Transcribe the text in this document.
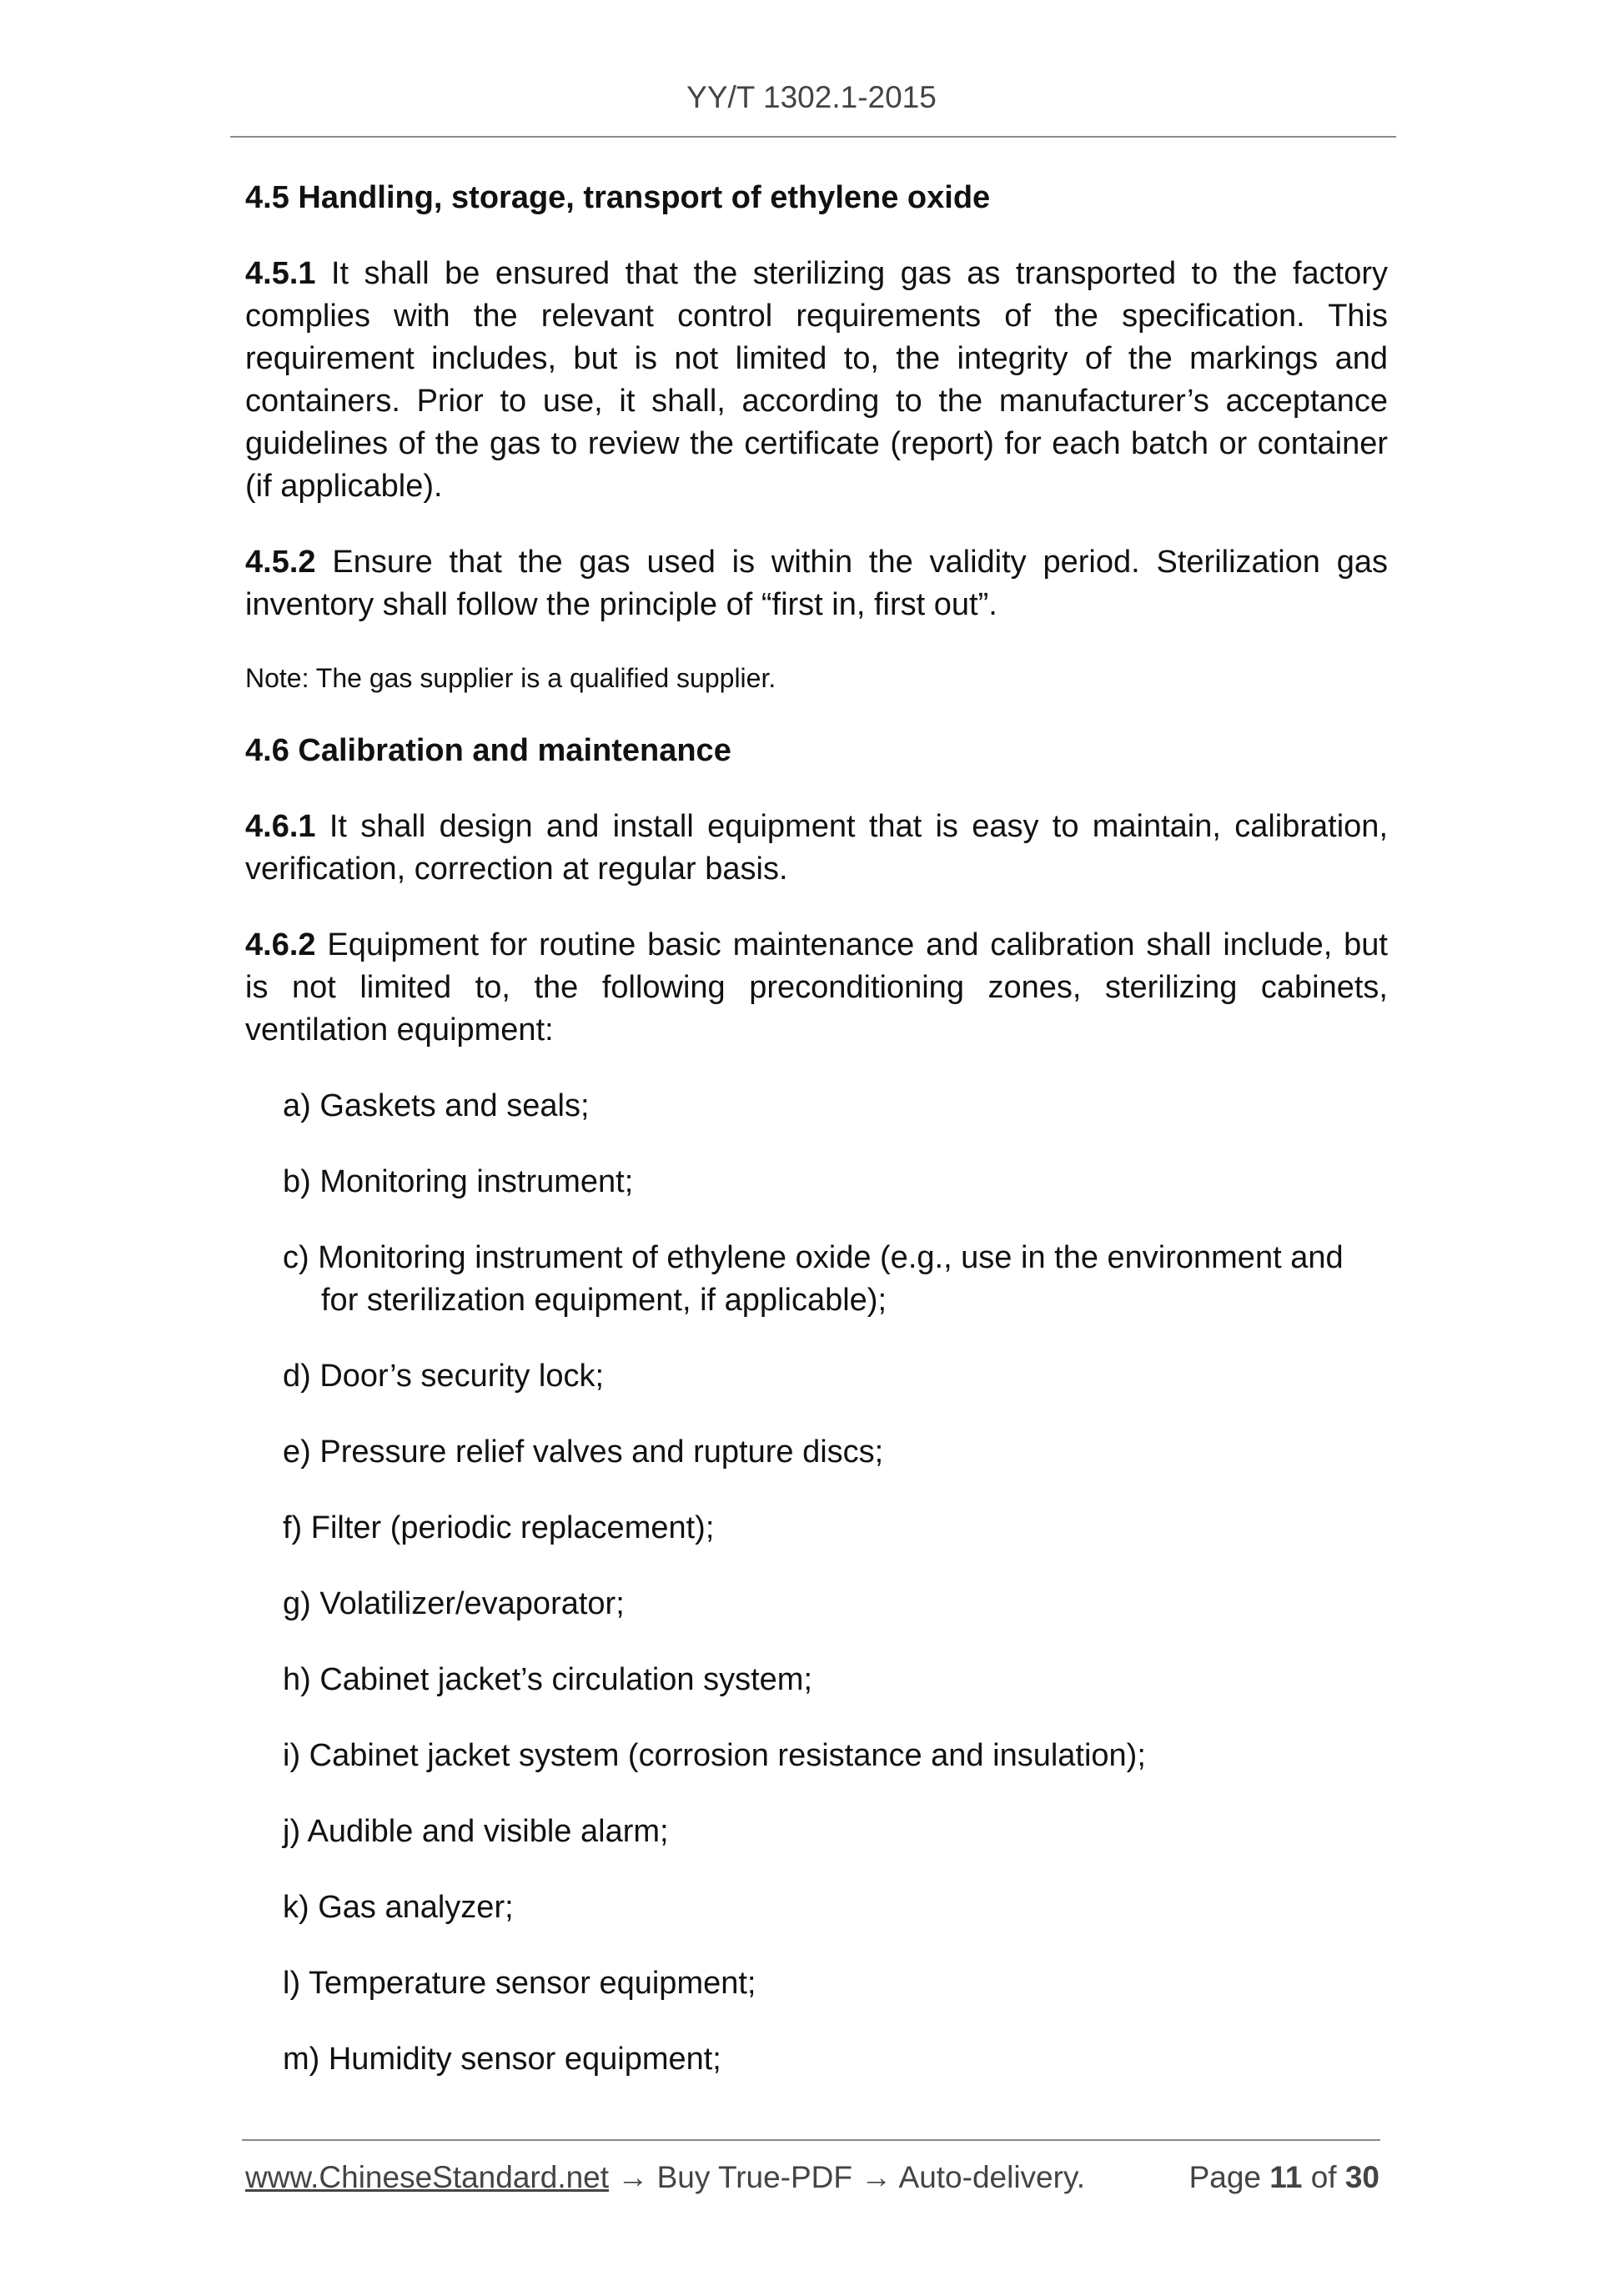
YY/T 1302.1-2015
4.5 Handling, storage, transport of ethylene oxide
4.5.1 It shall be ensured that the sterilizing gas as transported to the factory complies with the relevant control requirements of the specification. This requirement includes, but is not limited to, the integrity of the markings and containers. Prior to use, it shall, according to the manufacturer’s acceptance guidelines of the gas to review the certificate (report) for each batch or container (if applicable).
4.5.2 Ensure that the gas used is within the validity period. Sterilization gas inventory shall follow the principle of “first in, first out”.
Note: The gas supplier is a qualified supplier.
4.6 Calibration and maintenance
4.6.1 It shall design and install equipment that is easy to maintain, calibration, verification, correction at regular basis.
4.6.2 Equipment for routine basic maintenance and calibration shall include, but is not limited to, the following preconditioning zones, sterilizing cabinets, ventilation equipment:
a) Gaskets and seals;
b) Monitoring instrument;
c) Monitoring instrument of ethylene oxide (e.g., use in the environment and for sterilization equipment, if applicable);
d) Door’s security lock;
e) Pressure relief valves and rupture discs;
f) Filter (periodic replacement);
g) Volatilizer/evaporator;
h) Cabinet jacket’s circulation system;
i) Cabinet jacket system (corrosion resistance and insulation);
j) Audible and visible alarm;
k) Gas analyzer;
l) Temperature sensor equipment;
m) Humidity sensor equipment;
www.ChineseStandard.net → Buy True-PDF → Auto-delivery.	Page 11 of 30
